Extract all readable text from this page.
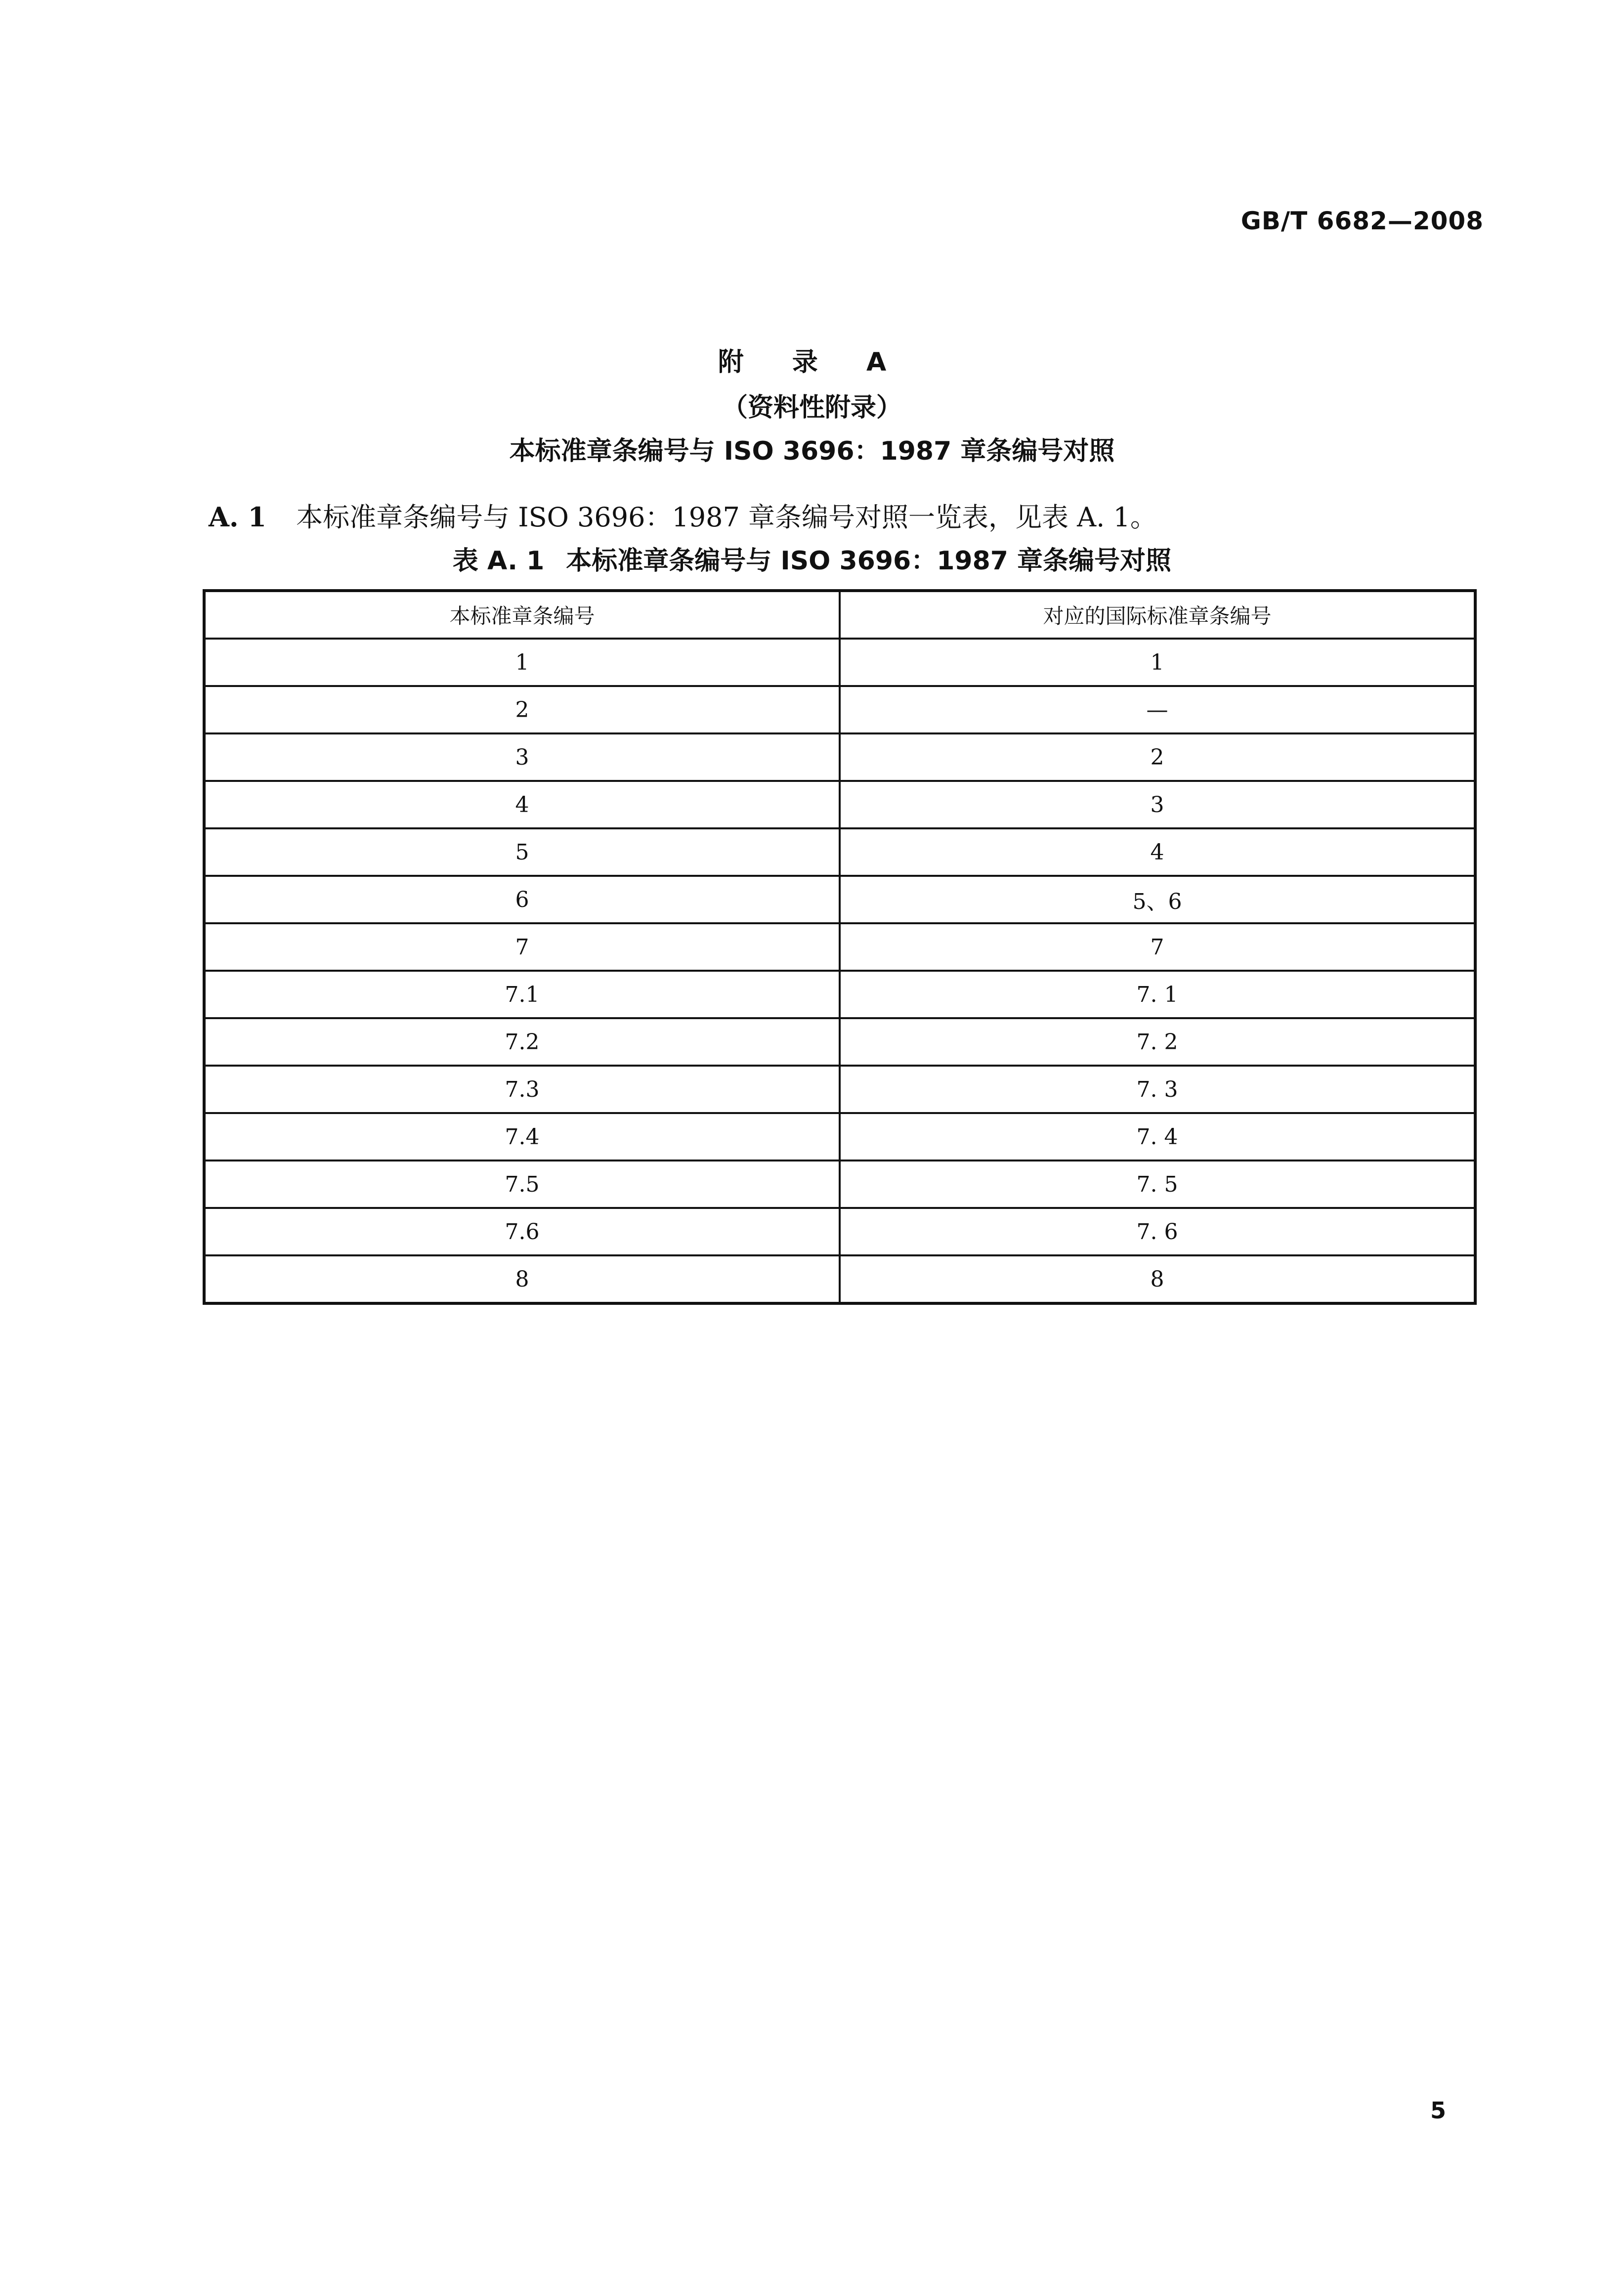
GB/T 6682—2008
附 录 A
（资料性附录）
本标准章条编号与 ISO 3696：1987 章条编号对照
A. 1 本标准章条编号与 ISO 3696：1987 章条编号对照一览表，见表 A. 1。
表 A. 1 本标准章条编号与 ISO 3696：1987 章条编号对照
本标准章条编号	对应的国际标准章条编号
1	1
2	—
3	2
4	3
5	4
6	5、6
7	7
7.1	7. 1
7.2	7. 2
7.3	7. 3
7.4	7. 4
7.5	7. 5
7.6	7. 6
8	8
5
